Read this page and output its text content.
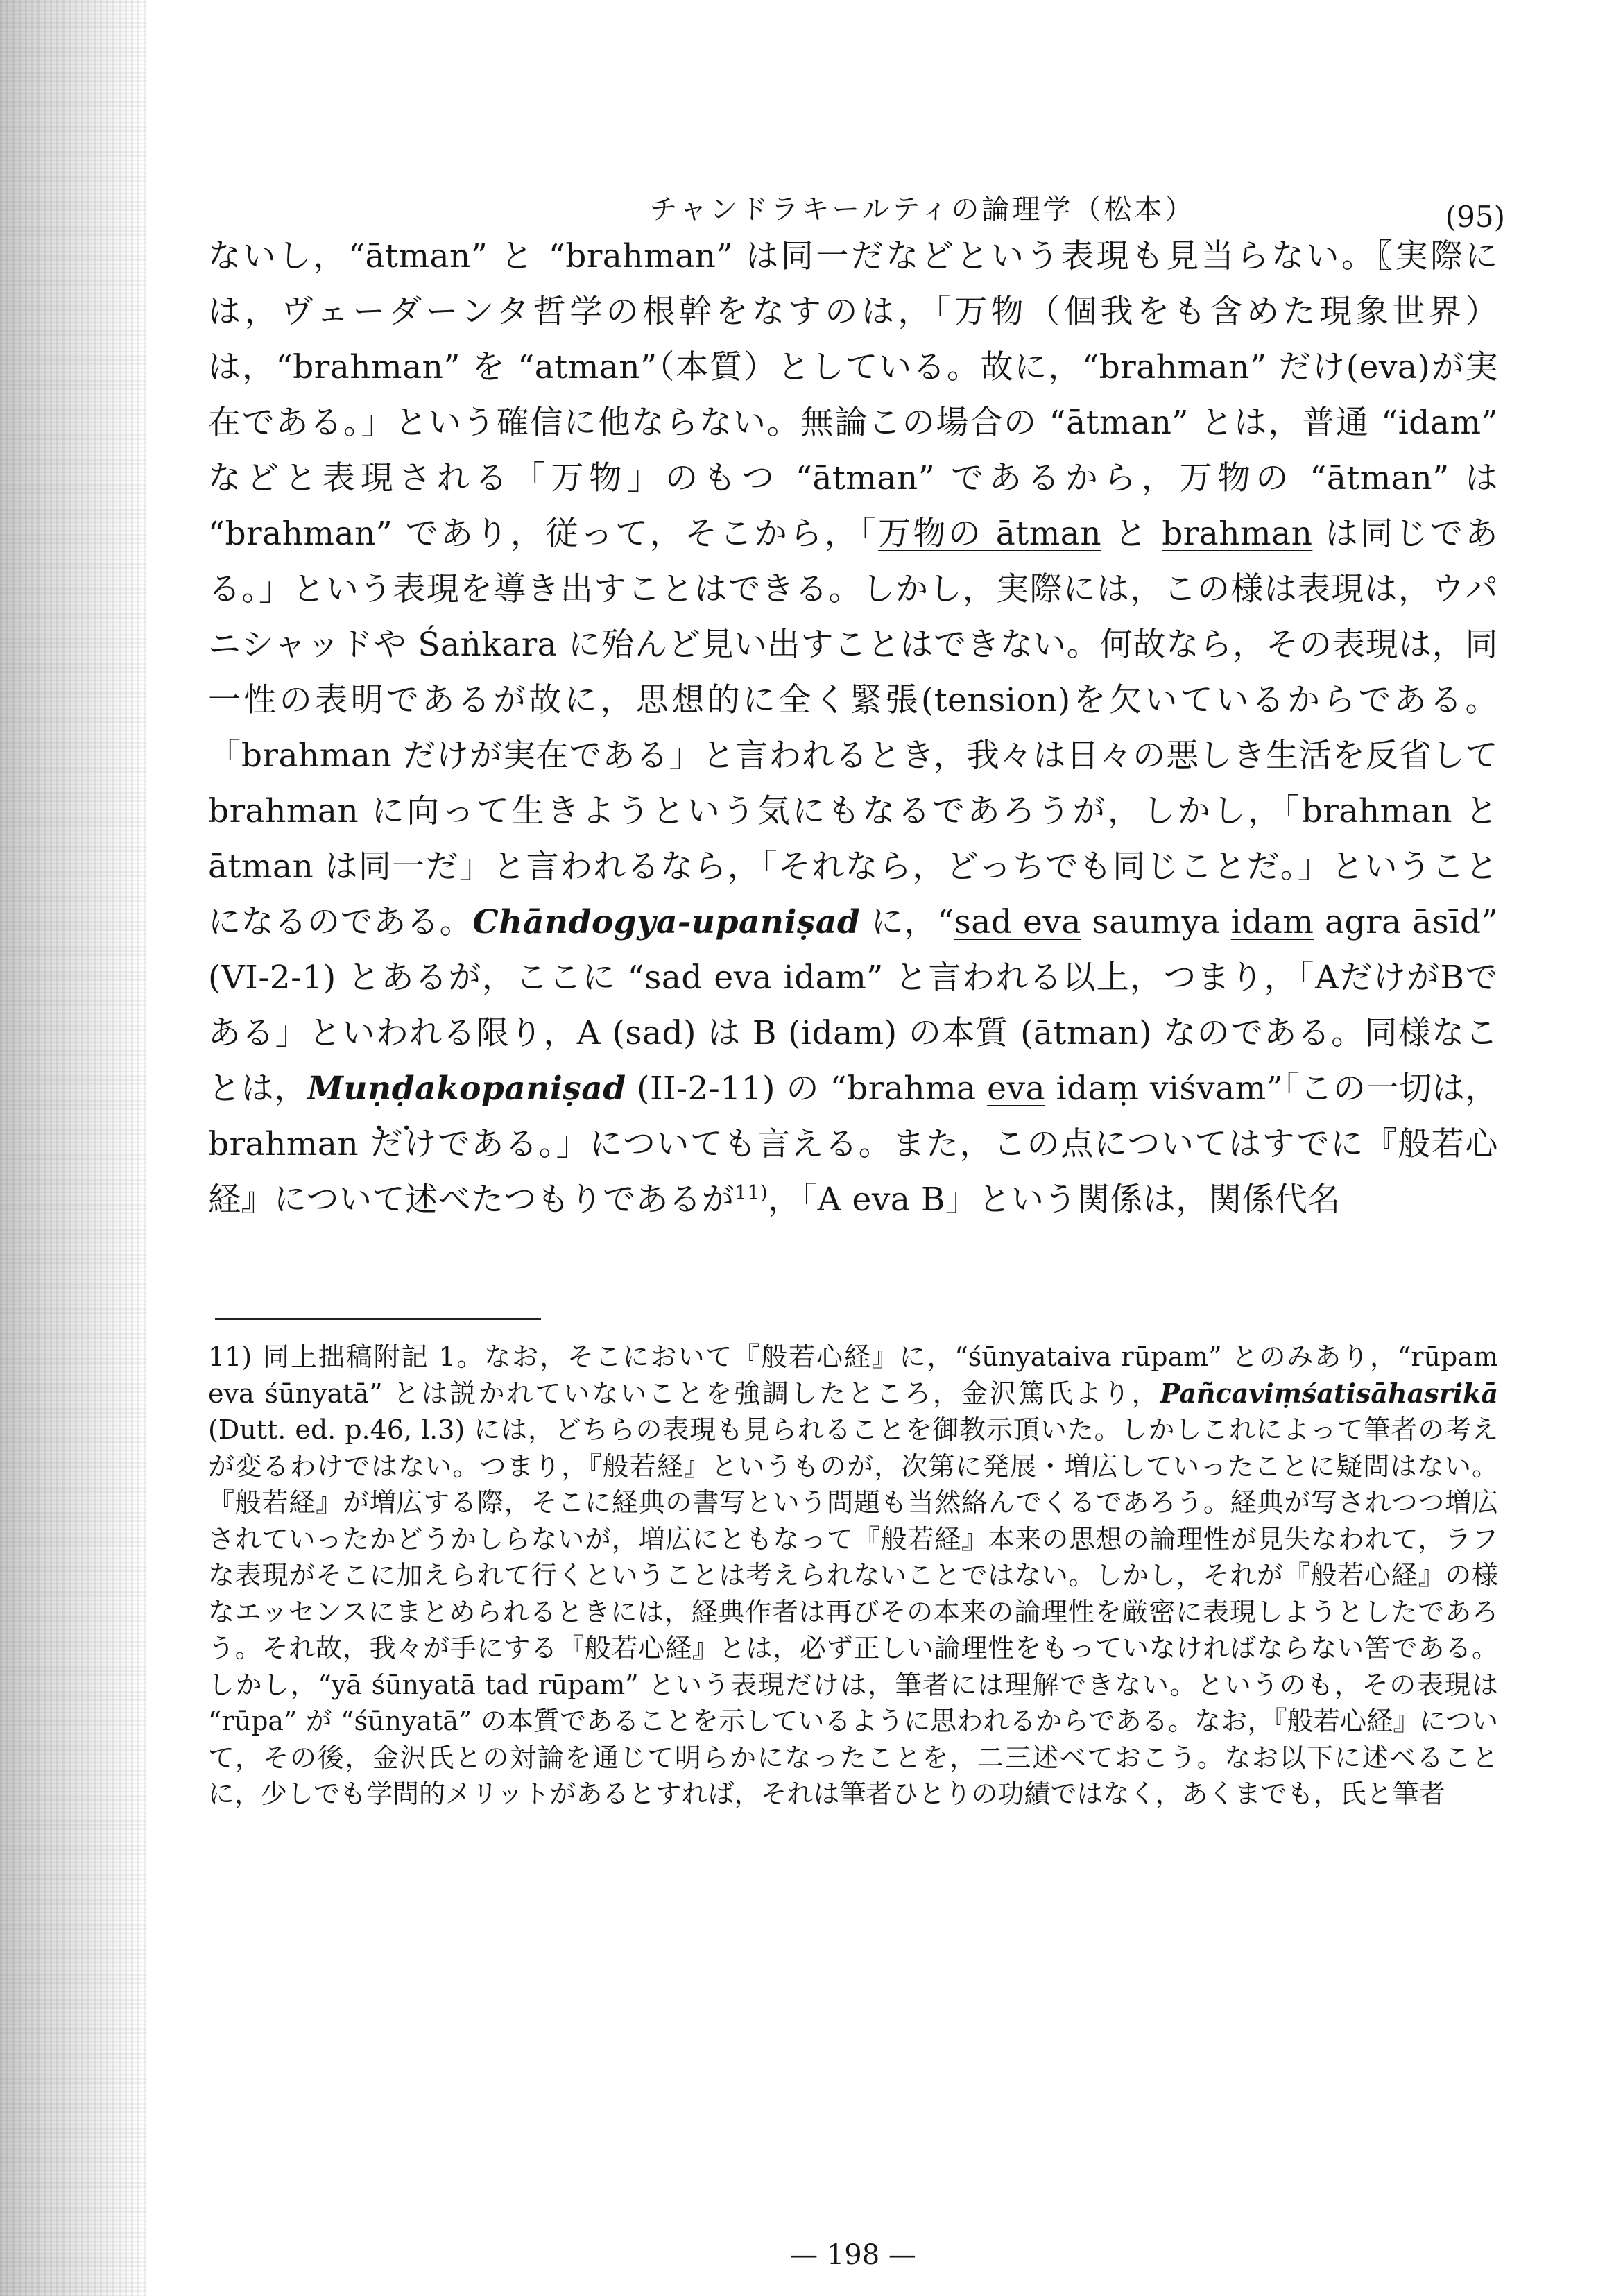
チャンドラキールティの論理学（松本）	(95)

ないし，“ātman” と “brahman” は同一だなどという表現も見当らない。〖実際には，ヴェーダーンタ哲学の根幹をなすのは，「万物（個我をも含めた現象世界）は，“brahman” を “atman”（本質）としている。故に，“brahman” だけ(eva)が実在である。」という確信に他ならない。無論この場合の “ātman” とは，普通 “idam” などと表現される「万物」のもつ “ātman” であるから，万物の “ātman” は “brahman” であり，従って，そこから，「万物の ātman と brahman は同じである。」という表現を導き出すことはできる。しかし，実際には，この様は表現は，ウパニシャッドや Śaṅkara に殆んど見い出すことはできない。何故なら，その表現は，同一性の表明であるが故に，思想的に全く緊張(tension)を欠いているからである。「brahman だけが実在である」と言われるとき，我々は日々の悪しき生活を反省して brahman に向って生きようという気にもなるであろうが，しかし，「brahman と ātman は同一だ」と言われるなら，「それなら，どっちでも同じことだ。」ということになるのである。Chāndogya-upaniṣad に，“sad eva saumya idam agra āsīd” (VI-2-1) とあるが，ここに “sad eva idam” と言われる以上，つまり，「AだけがBである」といわれる限り，A (sad) は B (idam) の本質 (ātman) なのである。同様なことは，Muṇḍakopaniṣad (II-2-11) の “brahma eva idaṃ viśvam”「この一切は，brahman • • だけである。」についても言える。また，この点についてはすでに『般若心経』について述べたつもりであるが$^{11)}$，「A eva B」という関係は，関係代名

11) 同上拙稿附記 1。なお，そこにおいて『般若心経』に，“śūnyataiva rūpam” とのみあり，“rūpam eva śūnyatā” とは説かれていないことを強調したところ，金沢篤氏より，Pañcaviṃśatisāhasrikā (Dutt. ed. p.46, l.3) には，どちらの表現も見られることを御教示頂いた。しかしこれによって筆者の考えが変るわけではない。つまり，『般若経』というものが，次第に発展・増広していったことに疑問はない。『般若経』が増広する際，そこに経典の書写という問題も当然絡んでくるであろう。経典が写されつつ増広されていったかどうかしらないが，増広にともなって『般若経』本来の思想の論理性が見失なわれて，ラフな表現がそこに加えられて行くということは考えられないことではない。しかし，それが『般若心経』の様なエッセンスにまとめられるときには，経典作者は再びその本来の論理性を厳密に表現しようとしたであろう。それ故，我々が手にする『般若心経』とは，必ず正しい論理性をもっていなければならない筈である。しかし，“yā śūnyatā tad rūpam” という表現だけは，筆者には理解できない。というのも，その表現は “rūpa” が “śūnyatā” の本質であることを示しているように思われるからである。なお，『般若心経』について，その後，金沢氏との対論を通じて明らかになったことを，二三述べておこう。なお以下に述べることに，少しでも学問的メリットがあるとすれば，それは筆者ひとりの功績ではなく，あくまでも，氏と筆者

— 198 —
